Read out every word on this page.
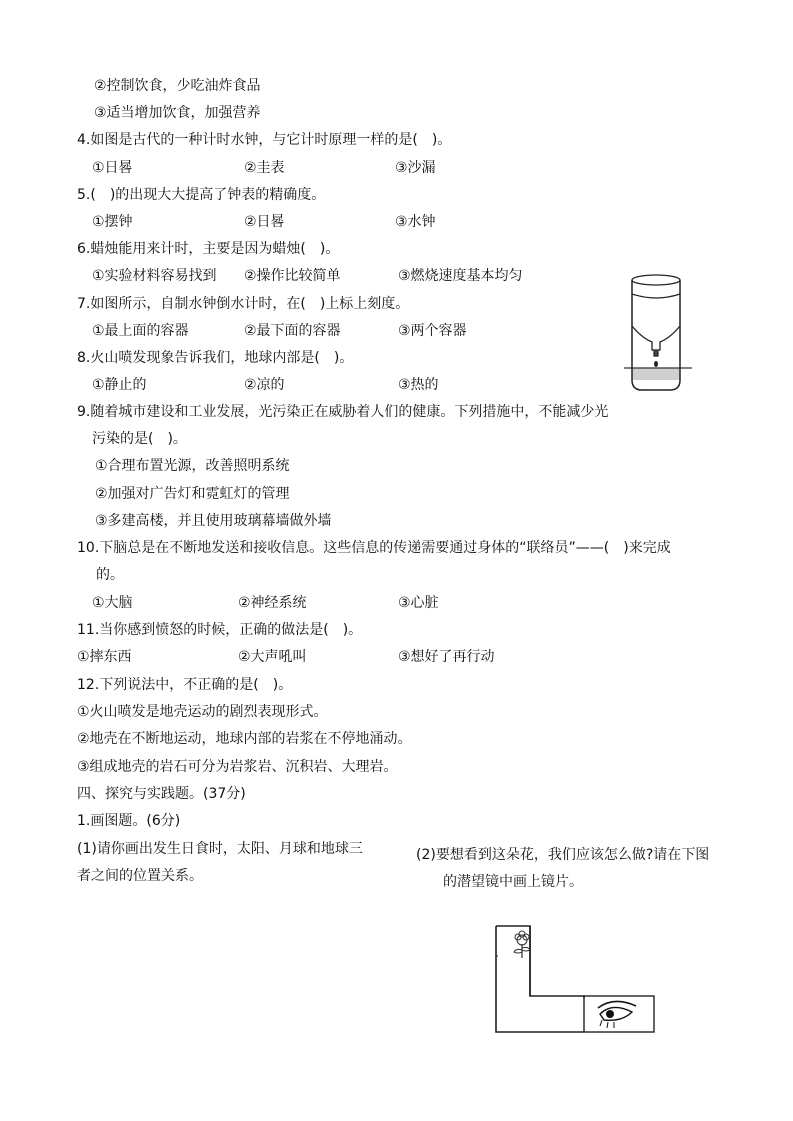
②控制饮食，少吃油炸食品
③适当增加饮食，加强营养
4.如图是古代的一种计时水钟，与它计时原理一样的是(　)。
①日晷	②圭表	③沙漏
5.(　)的出现大大提高了钟表的精确度。
①摆钟	②日晷	③水钟
6.蜡烛能用来计时，主要是因为蜡烛(　)。
①实验材料容易找到 ②操作比较简单	③燃烧速度基本均匀
7.如图所示，自制水钟倒水计时，在(　)上标上刻度。
①最上面的容器	②最下面的容器	③两个容器
8.火山喷发现象告诉我们，地球内部是(　)。
①静止的	②凉的	③热的
9.随着城市建设和工业发展，光污染正在威胁着人们的健康。下列措施中，不能减少光
污染的是(　)。
①合理布置光源，改善照明系统
②加强对广告灯和霓虹灯的管理
③多建高楼，并且使用玻璃幕墙做外墙
10.下脑总是在不断地发送和接收信息。这些信息的传递需要通过身体的“联络员”——(　)来完成
的。
①大脑	②神经系统	③心脏
11.当你感到愤怒的时候，正确的做法是(　)。
①摔东西	②大声吼叫	③想好了再行动
12.下列说法中，不正确的是(　)。
①火山喷发是地壳运动的剧烈表现形式。
②地壳在不断地运动，地球内部的岩浆在不停地涌动。
③组成地壳的岩石可分为岩浆岩、沉积岩、大理岩。
四、探究与实践题。(37分)
1.画图题。(6分)
(1)请你画出发生日食时，太阳、月球和地球三
者之间的位置关系。
(2)要想看到这朵花，我们应该怎么做?请在下图
的潜望镜中画上镜片。
